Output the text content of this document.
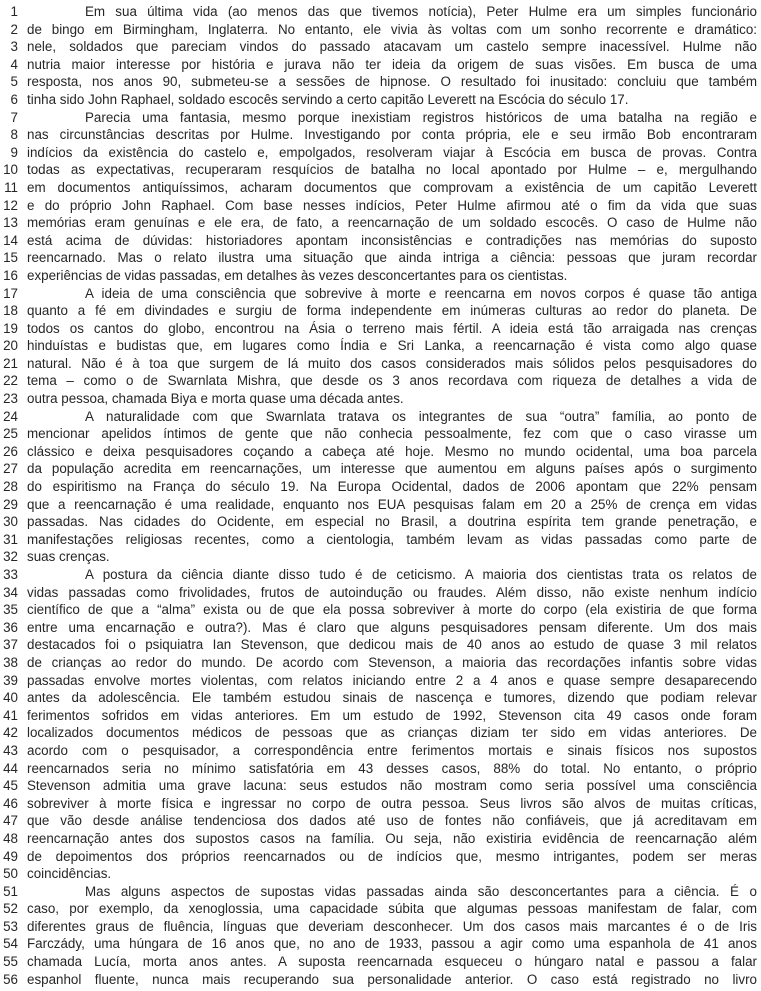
1	Em sua última vida (ao menos das que tivemos notícia), Peter Hulme era um simples funcionário
2 de bingo em Birmingham, Inglaterra. No entanto, ele vivia às voltas com um sonho recorrente e dramático:
3 nele, soldados que pareciam vindos do passado atacavam um castelo sempre inacessível. Hulme não
4 nutria maior interesse por história e jurava não ter ideia da origem de suas visões. Em busca de uma
5 resposta, nos anos 90, submeteu-se a sessões de hipnose. O resultado foi inusitado: concluiu que também
6 tinha sido John Raphael, soldado escocês servindo a certo capitão Leverett na Escócia do século 17.
7	Parecia uma fantasia, mesmo porque inexistiam registros históricos de uma batalha na região e
8 nas circunstâncias descritas por Hulme. Investigando por conta própria, ele e seu irmão Bob encontraram
9 indícios da existência do castelo e, empolgados, resolveram viajar à Escócia em busca de provas. Contra
10 todas as expectativas, recuperaram resquícios de batalha no local apontado por Hulme – e, mergulhando
11 em documentos antiquíssimos, acharam documentos que comprovam a existência de um capitão Leverett
12 e do próprio John Raphael. Com base nesses indícios, Peter Hulme afirmou até o fim da vida que suas
13 memórias eram genuínas e ele era, de fato, a reencarnação de um soldado escocês. O caso de Hulme não
14 está acima de dúvidas: historiadores apontam inconsistências e contradições nas memórias do suposto
15 reencarnado. Mas o relato ilustra uma situação que ainda intriga a ciência: pessoas que juram recordar
16 experiências de vidas passadas, em detalhes às vezes desconcertantes para os cientistas.
17	A ideia de uma consciência que sobrevive à morte e reencarna em novos corpos é quase tão antiga
18 quanto a fé em divindades e surgiu de forma independente em inúmeras culturas ao redor do planeta. De
19 todos os cantos do globo, encontrou na Ásia o terreno mais fértil. A ideia está tão arraigada nas crenças
20 hinduístas e budistas que, em lugares como Índia e Sri Lanka, a reencarnação é vista como algo quase
21 natural. Não é à toa que surgem de lá muito dos casos considerados mais sólidos pelos pesquisadores do
22 tema – como o de Swarnlata Mishra, que desde os 3 anos recordava com riqueza de detalhes a vida de
23 outra pessoa, chamada Biya e morta quase uma década antes.
24	A naturalidade com que Swarnlata tratava os integrantes de sua “outra” família, ao ponto de
25 mencionar apelidos íntimos de gente que não conhecia pessoalmente, fez com que o caso virasse um
26 clássico e deixa pesquisadores coçando a cabeça até hoje. Mesmo no mundo ocidental, uma boa parcela
27 da população acredita em reencarnações, um interesse que aumentou em alguns países após o surgimento
28 do espiritismo na França do século 19. Na Europa Ocidental, dados de 2006 apontam que 22% pensam
29 que a reencarnação é uma realidade, enquanto nos EUA pesquisas falam em 20 a 25% de crença em vidas
30 passadas. Nas cidades do Ocidente, em especial no Brasil, a doutrina espírita tem grande penetração, e
31 manifestações religiosas recentes, como a cientologia, também levam as vidas passadas como parte de
32 suas crenças.
33	A postura da ciência diante disso tudo é de ceticismo. A maioria dos cientistas trata os relatos de
34 vidas passadas como frivolidades, frutos de autoindução ou fraudes. Além disso, não existe nenhum indício
35 científico de que a “alma” exista ou de que ela possa sobreviver à morte do corpo (ela existiria de que forma
36 entre uma encarnação e outra?). Mas é claro que alguns pesquisadores pensam diferente. Um dos mais
37 destacados foi o psiquiatra Ian Stevenson, que dedicou mais de 40 anos ao estudo de quase 3 mil relatos
38 de crianças ao redor do mundo. De acordo com Stevenson, a maioria das recordações infantis sobre vidas
39 passadas envolve mortes violentas, com relatos iniciando entre 2 a 4 anos e quase sempre desaparecendo
40 antes da adolescência. Ele também estudou sinais de nascença e tumores, dizendo que podiam relevar
41 ferimentos sofridos em vidas anteriores. Em um estudo de 1992, Stevenson cita 49 casos onde foram
42 localizados documentos médicos de pessoas que as crianças diziam ter sido em vidas anteriores. De
43 acordo com o pesquisador, a correspondência entre ferimentos mortais e sinais físicos nos supostos
44 reencarnados seria no mínimo satisfatória em 43 desses casos, 88% do total. No entanto, o próprio
45 Stevenson admitia uma grave lacuna: seus estudos não mostram como seria possível uma consciência
46 sobreviver à morte física e ingressar no corpo de outra pessoa. Seus livros são alvos de muitas críticas,
47 que vão desde análise tendenciosa dos dados até uso de fontes não confiáveis, que já acreditavam em
48 reencarnação antes dos supostos casos na família. Ou seja, não existiria evidência de reencarnação além
49 de depoimentos dos próprios reencarnados ou de indícios que, mesmo intrigantes, podem ser meras
50 coincidências.
51	Mas alguns aspectos de supostas vidas passadas ainda são desconcertantes para a ciência. É o
52 caso, por exemplo, da xenoglossia, uma capacidade súbita que algumas pessoas manifestam de falar, com
53 diferentes graus de fluência, línguas que deveriam desconhecer. Um dos casos mais marcantes é o de Iris
54 Farczády, uma húngara de 16 anos que, no ano de 1933, passou a agir como uma espanhola de 41 anos
55 chamada Lucía, morta anos antes. A suposta reencarnada esqueceu o húngaro natal e passou a falar
56 espanhol fluente, nunca mais recuperando sua personalidade anterior. O caso está registrado no livro
